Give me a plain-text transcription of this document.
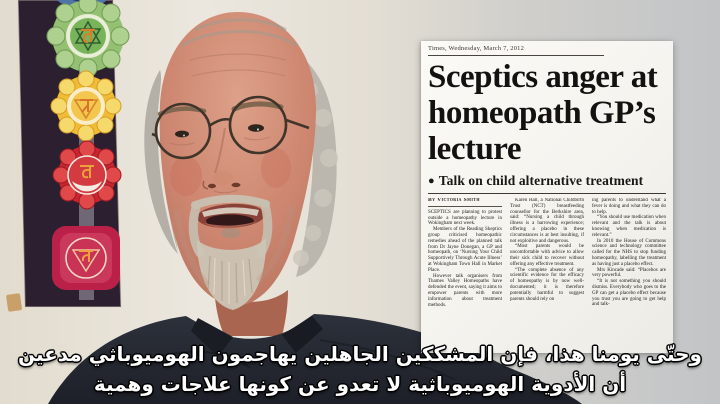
Times, Wednesday, March 7, 2012
Sceptics anger at homeopath GP’s lecture
● Talk on child alternative treatment
By Victoria Smith

SCEPTICS are planning to protest outside a homeopathy lecture in Wokingham next week.

Members of the Reading Skeptics group criticised homeopathic remedies ahead of the planned talk from Dr Jayne Donegan, a GP and homeopath, on ‘Nursing Your Child Supportively Through Acute Illness’ at Wokingham Town Hall in Market Place.

However talk organisers from Thames Valley Homeopaths have defended the event, saying it aims to empower parents with more information about treatment methods.

Karen Hall, a National Childbirth Trust (NCT) breastfeeding counsellor for the Berkshire area, said: “Nursing a child through illness is a harrowing experience; offering a placebo in these circumstances is at best insulting, if not exploitive and dangerous.

“Most parents would be uncomfortable with advice to allow their sick child to recover without offering any effective treatment.

“The complete absence of any scientific evidence for the efficacy of homeopathy is by now well-documented; it is therefore potentially harmful to suggest parents should rely on

ing parents to understand what a fever is doing and what they can do to help.

“You should use medication when relevant and the talk is about knowing when medication is relevant.”

In 2010 the House of Commons science and technology committee called for the NHS to stop funding homeopathy, labelling the treatment as having just a placebo effect.

Mrs Kincade said: “Placebos are very powerful.

“It is not something you should dismiss. Everybody who goes to the GP can get a placebo effect because you trust you are going to get help and talk-

وحتّى يومنا هذا، فإن المشككين الجاهلين يهاجمون الهوميوباثي مدعين
أن الأدوية الهوميوباثية لا تعدو عن كونها علاجات وهمية
